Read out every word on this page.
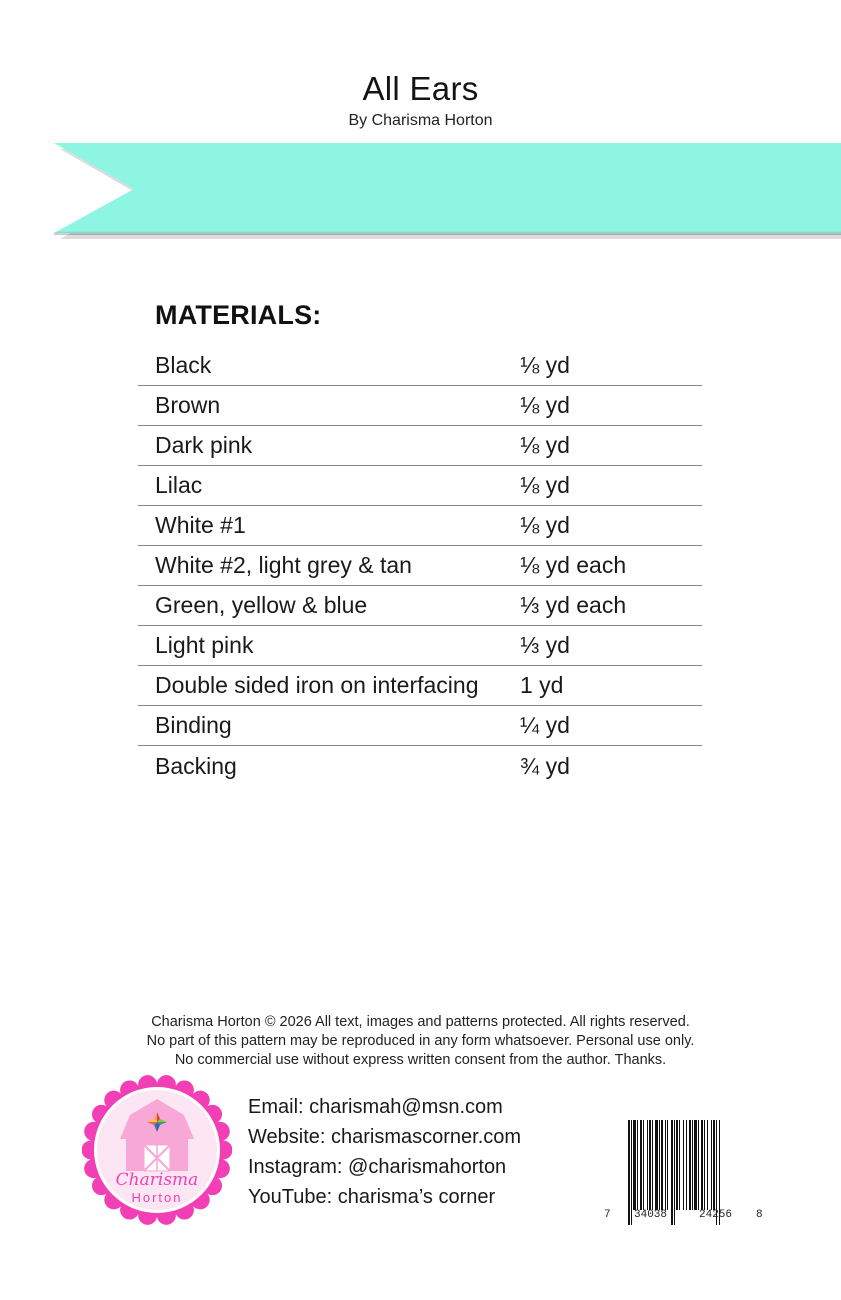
All Ears
By Charisma Horton
MATERIALS:
Black	⅛ yd
Brown	⅛ yd
Dark pink	⅛ yd
Lilac	⅛ yd
White #1	⅛ yd
White #2, light grey & tan	⅛ yd each
Green, yellow & blue	⅓ yd each
Light pink	⅓ yd
Double sided iron on interfacing	1 yd
Binding	¼ yd
Backing	¾ yd
Charisma Horton © 2026 All text, images and patterns protected. All rights reserved.
No part of this pattern may be reproduced in any form whatsoever. Personal use only.
No commercial use without express written consent from the author. Thanks.
Charisma
Horton
Email: charismah@msn.com
Website: charismascorner.com
Instagram: @charismahorton
YouTube: charisma’s corner
7 34038	24256 8
